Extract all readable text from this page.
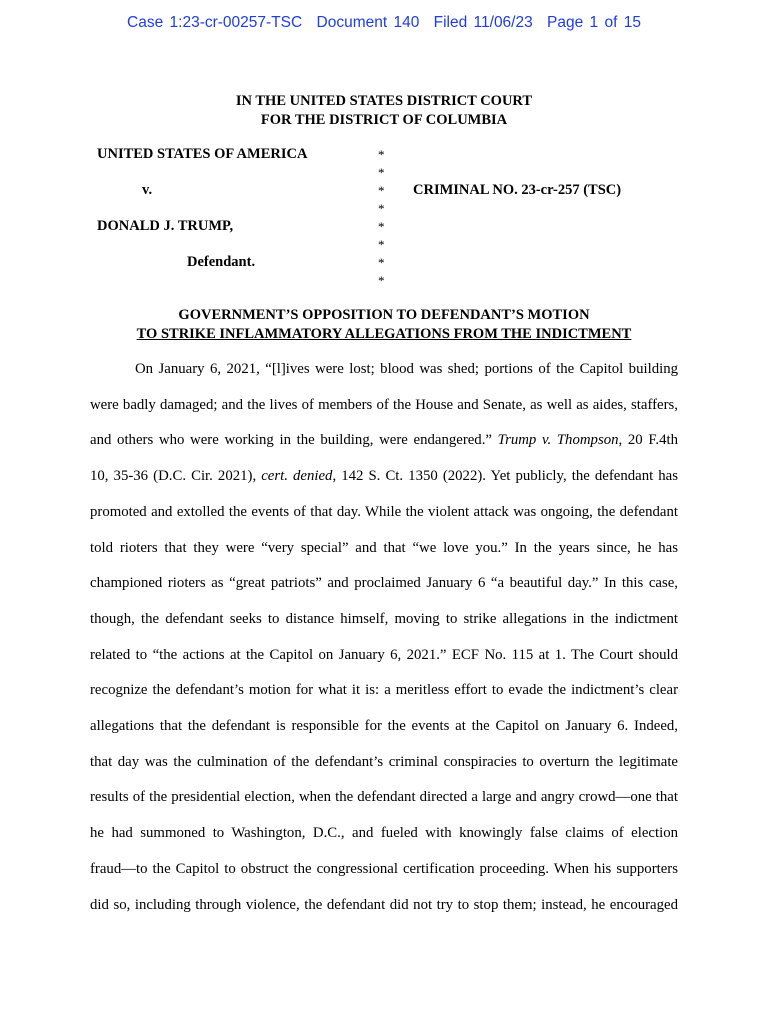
Case 1:23-cr-00257-TSC Document 140 Filed 11/06/23 Page 1 of 15
IN THE UNITED STATES DISTRICT COURT
FOR THE DISTRICT OF COLUMBIA
UNITED STATES OF AMERICA
v.
DONALD J. TRUMP,
Defendant.
*
*
*
*
*
*
*
*
CRIMINAL NO. 23-cr-257 (TSC)
GOVERNMENT’S OPPOSITION TO DEFENDANT’S MOTION
TO STRIKE INFLAMMATORY ALLEGATIONS FROM THE INDICTMENT
On January 6, 2021, “[l]ives were lost; blood was shed; portions of the Capitol building
were badly damaged; and the lives of members of the House and Senate, as well as aides, staffers,
and others who were working in the building, were endangered.” Trump v. Thompson, 20 F.4th
10, 35-36 (D.C. Cir. 2021), cert. denied, 142 S. Ct. 1350 (2022). Yet publicly, the defendant has
promoted and extolled the events of that day. While the violent attack was ongoing, the defendant
told rioters that they were “very special” and that “we love you.” In the years since, he has
championed rioters as “great patriots” and proclaimed January 6 “a beautiful day.” In this case,
though, the defendant seeks to distance himself, moving to strike allegations in the indictment
related to “the actions at the Capitol on January 6, 2021.” ECF No. 115 at 1. The Court should
recognize the defendant’s motion for what it is: a meritless effort to evade the indictment’s clear
allegations that the defendant is responsible for the events at the Capitol on January 6. Indeed,
that day was the culmination of the defendant’s criminal conspiracies to overturn the legitimate
results of the presidential election, when the defendant directed a large and angry crowd—one that
he had summoned to Washington, D.C., and fueled with knowingly false claims of election
fraud—to the Capitol to obstruct the congressional certification proceeding. When his supporters
did so, including through violence, the defendant did not try to stop them; instead, he encouraged
